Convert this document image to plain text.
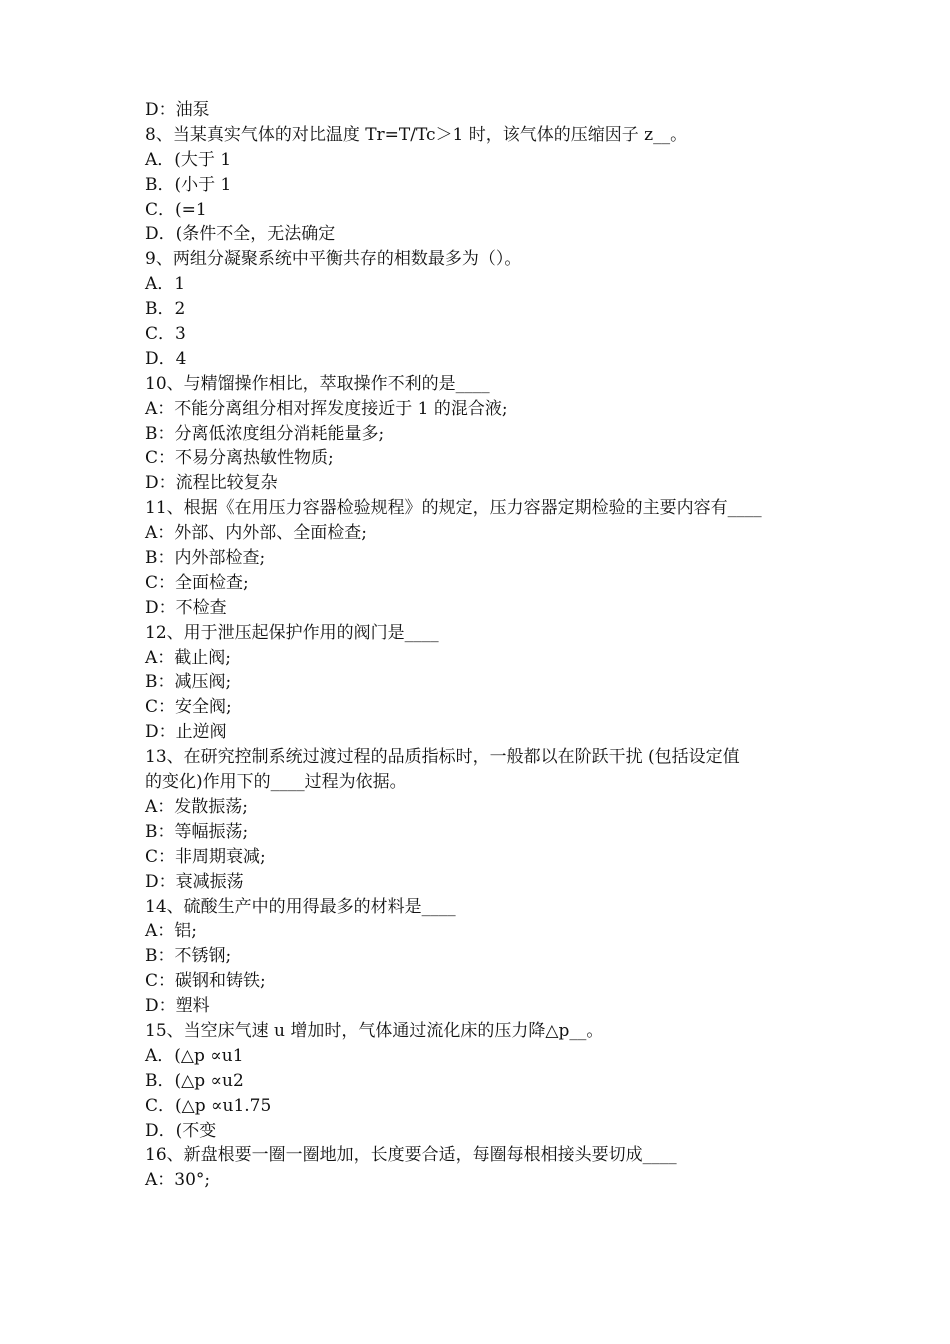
D：油泵
8、当某真实气体的对比温度 Tr=T/Tc＞1 时，该气体的压缩因子 z__。
A．(大于 1
B．(小于 1
C．(=1
D．(条件不全，无法确定
9、两组分凝聚系统中平衡共存的相数最多为（）。
A．1
B．2
C．3
D．4
10、与精馏操作相比，萃取操作不利的是____
A：不能分离组分相对挥发度接近于 1 的混合液;
B：分离低浓度组分消耗能量多;
C：不易分离热敏性物质;
D：流程比较复杂
11、根据《在用压力容器检验规程》的规定，压力容器定期检验的主要内容有____
A：外部、内外部、全面检查;
B：内外部检查;
C：全面检查;
D：不检查
12、用于泄压起保护作用的阀门是____
A：截止阀;
B：减压阀;
C：安全阀;
D：止逆阀
13、在研究控制系统过渡过程的品质指标时，一般都以在阶跃干扰 (包括设定值
的变化)作用下的____过程为依据。
A：发散振荡;
B：等幅振荡;
C：非周期衰减;
D：衰减振荡
14、硫酸生产中的用得最多的材料是____
A：铝;
B：不锈钢;
C：碳钢和铸铁;
D：塑料
15、当空床气速 u 增加时，气体通过流化床的压力降△p__。
A．(△p ∝u1
B．(△p ∝u2
C．(△p ∝u1.75
D．(不变
16、新盘根要一圈一圈地加，长度要合适，每圈每根相接头要切成____
A：30°;
